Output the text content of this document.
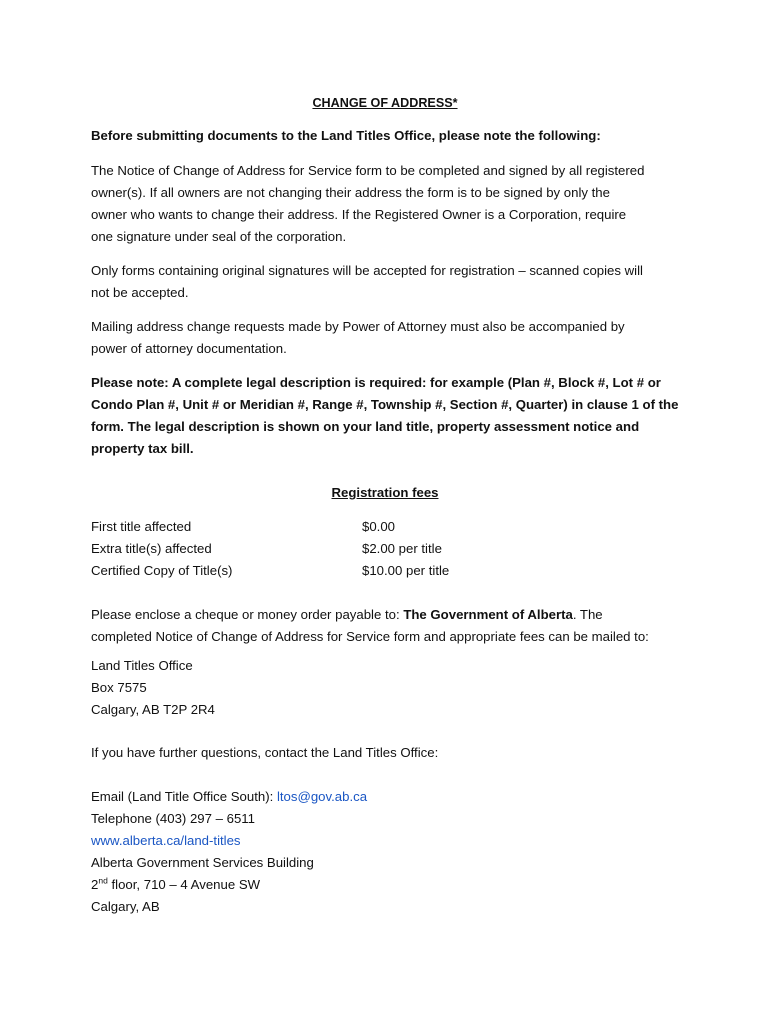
CHANGE OF ADDRESS*
Before submitting documents to the Land Titles Office, please note the following:
The Notice of Change of Address for Service form to be completed and signed by all registered
owner(s). If all owners are not changing their address the form is to be signed by only the
owner who wants to change their address. If the Registered Owner is a Corporation, require
one signature under seal of the corporation.
Only forms containing original signatures will be accepted for registration – scanned copies will
not be accepted.
Mailing address change requests made by Power of Attorney must also be accompanied by
power of attorney documentation.
Please note: A complete legal description is required: for example (Plan #, Block #, Lot # or
Condo Plan #, Unit # or Meridian #, Range #, Township #, Section #, Quarter) in clause 1 of the
form. The legal description is shown on your land title, property assessment notice and
property tax bill.
Registration fees
First title affected	$0.00
Extra title(s) affected	$2.00 per title
Certified Copy of Title(s)	$10.00 per title
Please enclose a cheque or money order payable to: The Government of Alberta. The
completed Notice of Change of Address for Service form and appropriate fees can be mailed to:
Land Titles Office
Box 7575
Calgary, AB T2P 2R4
If you have further questions, contact the Land Titles Office:
Email (Land Title Office South): ltos@gov.ab.ca
Telephone (403) 297 – 6511
www.alberta.ca/land-titles
Alberta Government Services Building
2nd floor, 710 – 4 Avenue SW
Calgary, AB
